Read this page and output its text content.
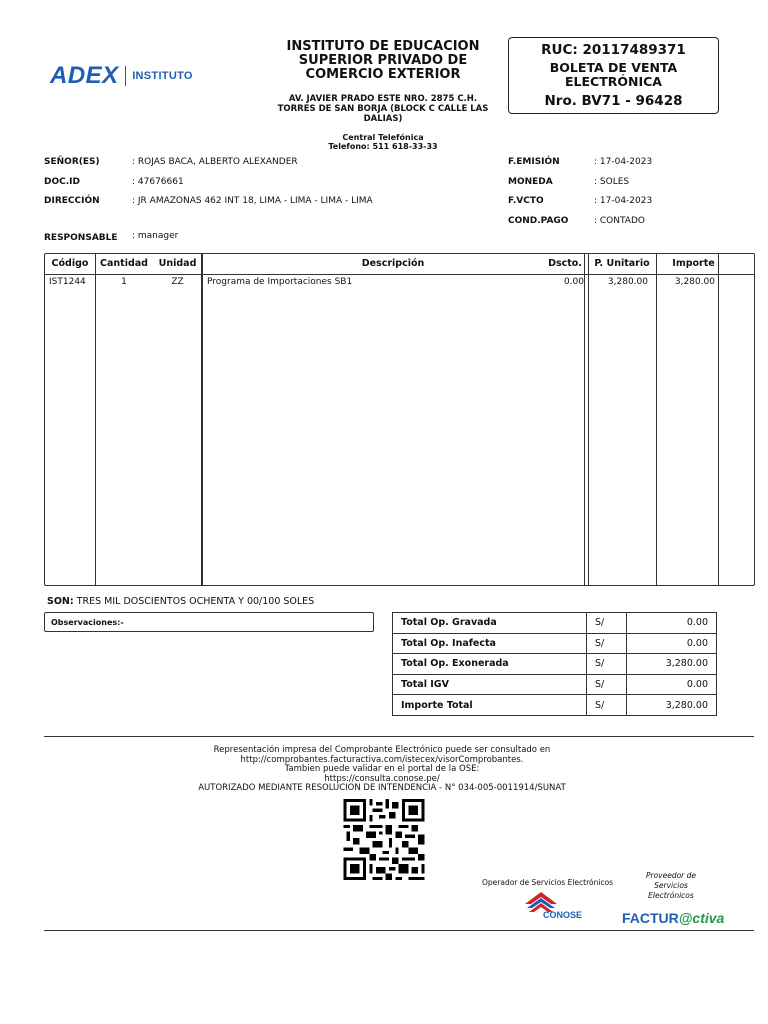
ADEX INSTITUTO
INSTITUTO DE EDUCACION
SUPERIOR PRIVADO DE
COMERCIO EXTERIOR
AV. JAVIER PRADO ESTE NRO. 2875 C.H.
TORRES DE SAN BORJA (BLOCK C CALLE LAS
DALIAS)
Central Telefónica
Telefono: 511 618-33-33
RUC: 20117489371
BOLETA DE VENTA
ELECTRÓNICA
Nro. BV71 - 96428
SEÑOR(ES)	: ROJAS BACA, ALBERTO ALEXANDER
DOC.ID	: 47676661
DIRECCIÓN	: JR AMAZONAS 462 INT 18, LIMA - LIMA - LIMA - LIMA
RESPONSABLE : manager
F.EMISIÓN	: 17-04-2023
MONEDA	: SOLES
F.VCTO	: 17-04-2023
COND.PAGO	: CONTADO
Código	Cantidad	Unidad	Descripción	Dscto.	P. Unitario	Importe
IST1244	1	ZZ	Programa de Importaciones SB1	0.00	3,280.00	3,280.00
SON: TRES MIL DOSCIENTOS OCHENTA Y 00/100 SOLES
Observaciones:-	Total Op. Gravada	S/	0.00
Total Op. Inafecta	S/	0.00
Total Op. Exonerada	S/	3,280.00
Total IGV	S/	0.00
Importe Total	S/	3,280.00
Representación impresa del Comprobante Electrónico puede ser consultado en
http://comprobantes.facturactiva.com/istecex/visorComprobantes.
Tambien puede validar en el portal de la OSE:
https://consulta.conose.pe/
AUTORIZADO MEDIANTE RESOLUCION DE INTENDENCIA - N° 034-005-0011914/SUNAT
Operador de Servicios Electrónicos
CONOSE
Proveedor de
Servicios
Electrónicos
FACTUR@ctiva
